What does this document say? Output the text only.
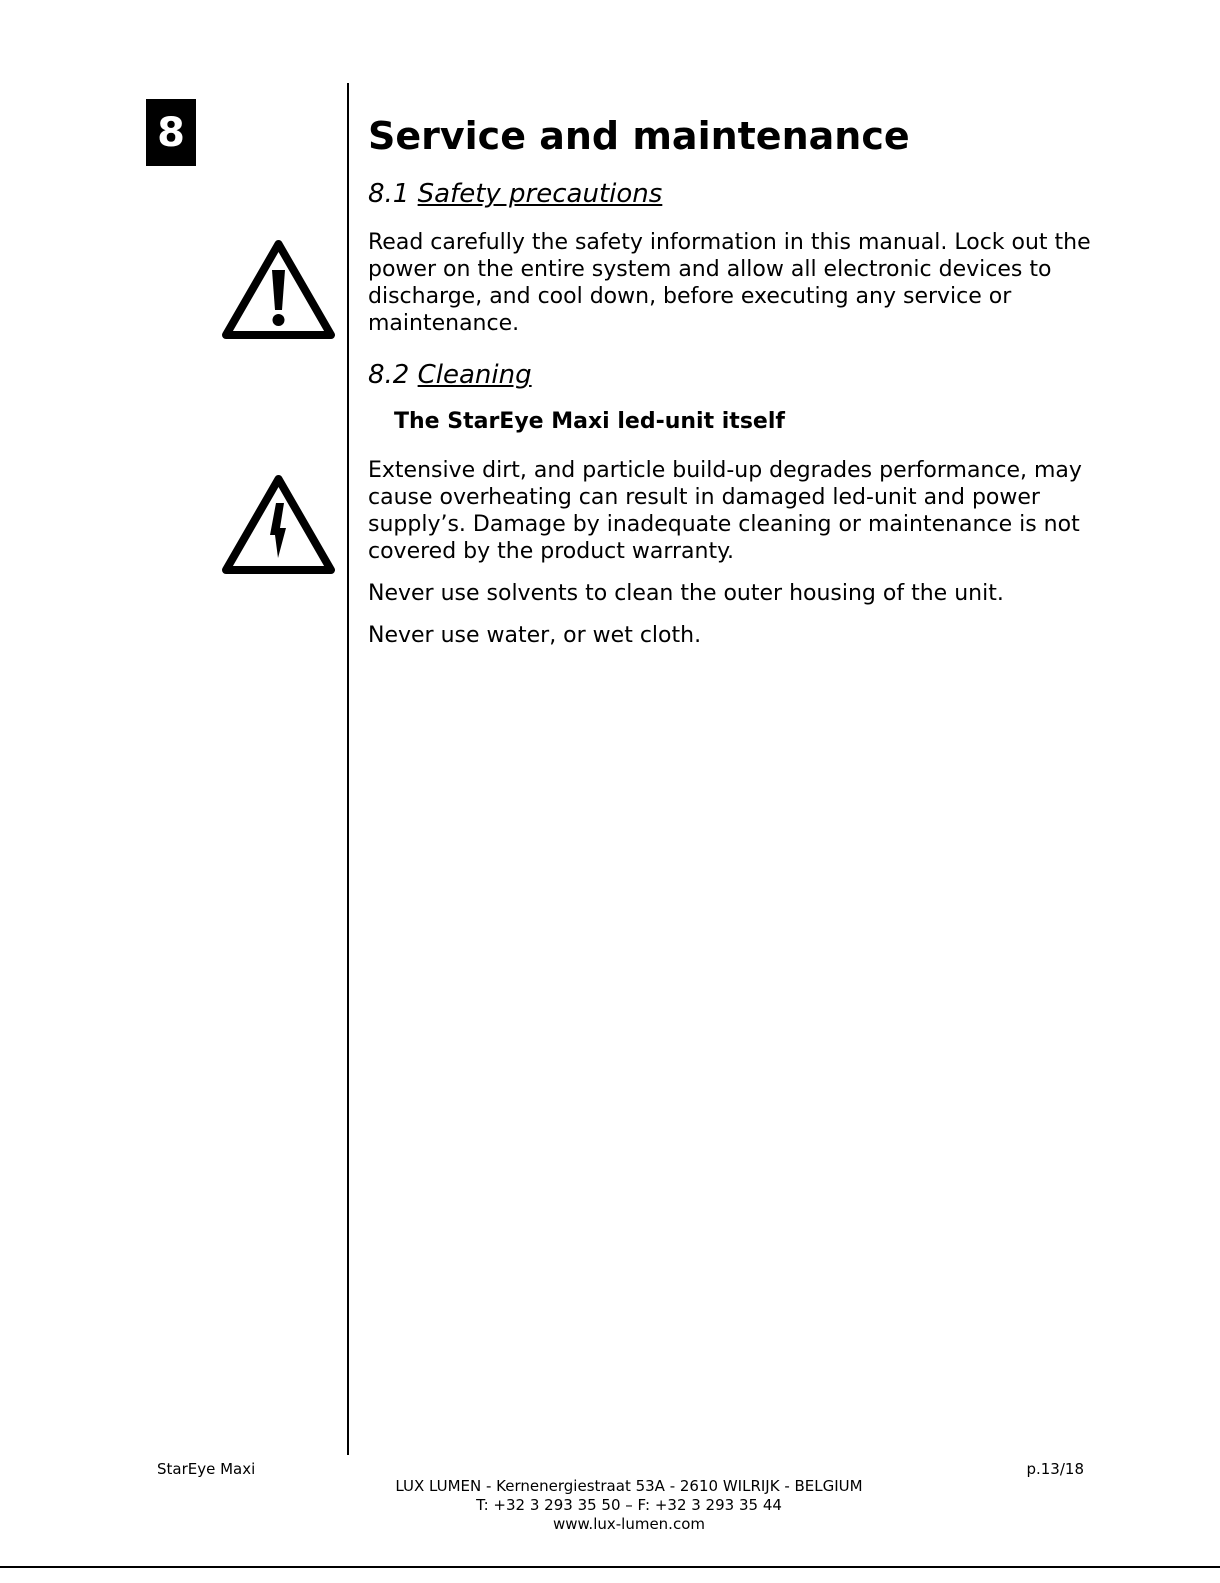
8	Service and maintenance
8.1 Safety precautions

Read carefully the safety information in this manual. Lock out the power on the entire system and allow all electronic devices to discharge, and cool down, before executing any service or maintenance.

8.2 Cleaning
The StarEye Maxi led-unit itself

Extensive dirt, and particle build-up degrades performance, may cause overheating can result in damaged led-unit and power supply’s. Damage by inadequate cleaning or maintenance is not covered by the product warranty.

Never use solvents to clean the outer housing of the unit.

Never use water, or wet cloth.

StarEye Maxi	p.13/18
LUX LUMEN - Kernenergiestraat 53A - 2610 WILRIJK - BELGIUM
T: +32 3 293 35 50 – F: +32 3 293 35 44
www.lux-lumen.com
